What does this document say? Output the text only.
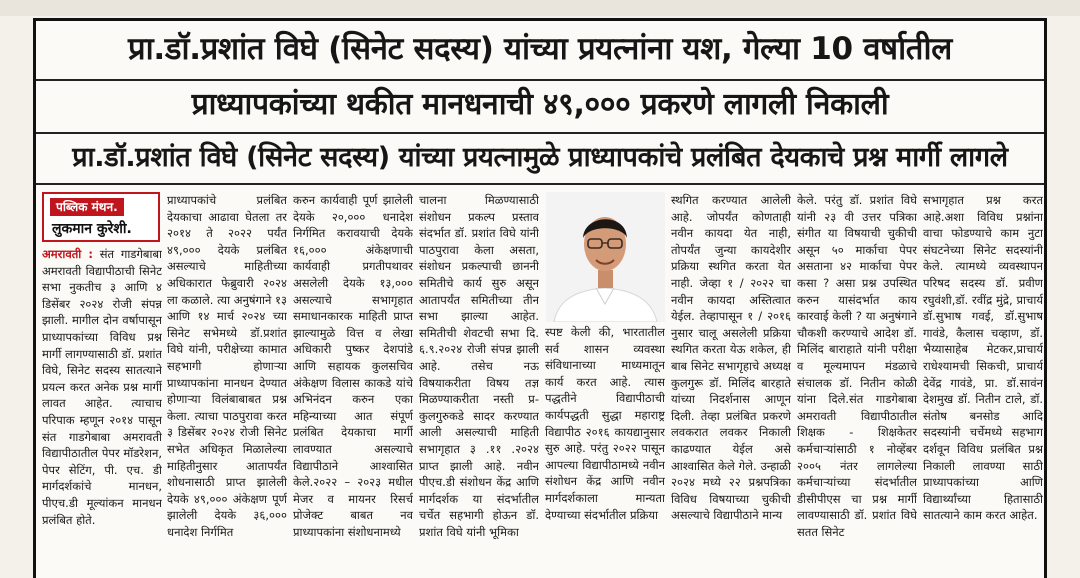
प्रा.डॉ.प्रशांत विघे (सिनेट सदस्य) यांच्या प्रयत्नांना यश, गेल्या 10 वर्षातील
प्राध्यापकांच्या थकीत मानधनाची ४९,००० प्रकरणे लागली निकाली
प्रा.डॉ.प्रशांत विघे (सिनेट सदस्य) यांच्या प्रयत्नामुळे प्राध्यापकांचे प्रलंबित देयकाचे प्रश्न मार्गी लागले
पब्लिक मंथन.
लुकमान कुरेशी.

अमरावती : संत गाडगेबाबा अमरावती विद्यापीठाची सिनेट सभा नुकतीच ३ आणि ४ डिसेंबर २०२४ रोजी संपन्न झाली. मागील दोन वर्षापासून प्राध्यापकांच्या विविध प्रश्न मार्गी लागण्यासाठी डॉ. प्रशांत विघे, सिनेट सदस्य सातत्याने प्रयत्न करत अनेक प्रश्न मार्गी लावत आहेत. त्याचाच परिपाक म्हणून २०१४ पासून संत गाडगेबाबा अमरावती विद्यापीठातील पेपर मॉडरेशन, पेपर सेटिंग, पी. एच. डी मार्गदर्शकांचे मानधन, पीएच.डी मूल्यांकन मानधन प्रलंबित होते.

प्राध्यापकांचे प्रलंबित देयकाचा आढावा घेतला तर २०१४ ते २०२२ पर्यंत ४९,००० देयके प्रलंबित असल्याचे माहितीच्या अधिकारात फेब्रुवारी २०२४ ला कळाले. त्या अनुषंगाने १३ आणि १४ मार्च २०२४ च्या सिनेट सभेमध्ये डॉ.प्रशांत विघे यांनी, परीक्षेच्या कामात सहभागी होणाऱ्या प्राध्यापकांना मानधन देण्यात होणाऱ्या विलंबाबाबत प्रश्न केला. त्याचा पाठपुरावा करत ३ डिसेंबर २०२४ रोजी सिनेट सभेत अधिकृत मिळालेल्या माहितीनुसार आतापर्यंत शोधनासाठी प्राप्त झालेली देयके ४९,००० अंकेक्षण पूर्ण झालेली देयके ३६,००० धनादेश निर्गमित

करुन कार्यवाही पूर्ण झालेली देयके २०,००० धनादेश निर्गमित करावयाची देयके १६,००० अंकेक्षणाची कार्यवाही प्रगतीपथावर असलेली देयके १३,००० असल्याचे सभागृहात समाधानकारक माहिती प्राप्त झाल्यामुळे वित्त व लेखा अधिकारी पुष्कर देशपांडे आणि सहायक कुलसचिव अंकेक्षण विलास काकडे यांचे अभिनंदन करुन एका महिन्याच्या आत संपूर्ण प्रलंबित देयकाचा मार्गी लावण्यात असल्याचे विद्यापीठाने आश्वासित केले.२०२२ – २०२३ मधील मेजर व मायनर रिसर्च प्रोजेक्ट बाबत नव प्राध्यापकांना संशोधनामध्ये

चालना मिळण्यासाठी संशोधन प्रकल्प प्रस्ताव संदर्भात डॉ. प्रशांत विघे यांनी पाठपुरावा केला असता, संशोधन प्रकल्पाची छाननी समितीचे कार्य सुरु असून आतापर्यंत समितीच्या तीन सभा झाल्या आहेत. समितीची शेवटची सभा दि. ६.९.२०२४ रोजी संपन्न झाली आहे. तसेच नऊ विषयाकरीता विषय तज्ञ मिळण्याकरीता नस्ती प्र-कुलगुरुकडे सादर करण्यात आली असल्याची माहिती सभागृहात ३ .११ .२०२४ प्राप्त झाली आहे. नवीन पीएच.डी संशोधन केंद्र आणि मार्गदर्शक या संदर्भातील चर्चेत सहभागी होऊन डॉ. प्रशांत विघे यांनी भूमिका

स्पष्ट केली की, भारतातील सर्व शासन व्यवस्था संविधानाच्या माध्यमातून कार्य करत आहे. त्यास पद्धतीने विद्यापीठाची कार्यपद्धती सुद्धा महाराष्ट्र विद्यापीठ २०१६ कायद्यानुसार सुरु आहे. परंतु २०२२ पासून आपल्या विद्यापीठामध्ये नवीन संशोधन केंद्र आणि नवीन मार्गदर्शकाला मान्यता देण्याच्या संदर्भातील प्रक्रिया

स्थगित करण्यात आलेली आहे. जोपर्यंत कोणताही नवीन कायदा येत नाही, तोपर्यंत जुन्या कायदेशीर प्रक्रिया स्थगित करता येत नाही. जेव्हा १ / २०२२ चा नवीन कायदा अस्तित्वात येईल. तेव्हापासून १ / २०१६ नुसार चालू असलेली प्रक्रिया स्थगित करता येऊ शकेल, ही बाब सिनेट सभागृहाचे अध्यक्ष कुलगुरू डॉ. मिलिंद बारहाते यांच्या निदर्शनास आणून दिली. तेव्हा प्रलंबित प्रकरणे लवकरात लवकर निकाली काढण्यात येईल असे आश्वासित केले गेले. उन्हाळी २०२४ मध्ये २२ प्रश्नपत्रिका विविध विषयाच्या चुकीची असल्याचे विद्यापीठाने मान्य

केले. परंतु डॉ. प्रशांत विघे यांनी २३ वी उत्तर पत्रिका संगीत या विषयाची चुकीची असून ५० मार्काचा पेपर असताना ४२ मार्काचा पेपर कसा ? असा प्रश्न उपस्थित करुन यासंदर्भात काय कारवाई केली ? या अनुषंगाने चौकशी करण्याचे आदेश डॉ. मिलिंद बाराहाते यांनी परीक्षा व मूल्यमापन मंडळाचे संचालक डॉ. नितीन कोळी यांना दिले.संत गाडगेबाबा अमरावती विद्यापीठातील शिक्षक - शिक्षकेतर कर्मचाऱ्यांसाठी १ नोव्हेंबर २००५ नंतर लागलेल्या कर्मचाऱ्यांच्या संदर्भातील डीसीपीएस चा प्रश्न मार्गी लावण्यासाठी डॉ. प्रशांत विघे सतत सिनेट

सभागृहात प्रश्न करत आहे.अशा विविध प्रश्नांना वाचा फोडण्याचे काम नुटा संघटनेच्या सिनेट सदस्यांनी केले. त्यामध्ये व्यवस्थापन परिषद सदस्य डॉ. प्रवीण रघुवंशी,डॉ. रवींद्र मुंद्रे, प्राचार्य डॉ.सुभाष गवई, डॉ.सुभाष गावंडे, कैलास चव्हाण, डॉ. भैय्यासाहेब मेटकर,प्राचार्य राधेश्यामची सिकची, प्राचार्य देवेंद्र गावंडे, प्रा. डॉ.सावंन देशमुख डॉ. नितीन टाले, डॉ. संतोष बनसोड आदि सदस्यांनी चर्चेमध्ये सहभाग दर्शवून विविध प्रलंबित प्रश्न निकाली लावण्या साठी प्राध्यापकांच्या आणि विद्यार्थ्यांच्या हितासाठी सातत्याने काम करत आहेत.
